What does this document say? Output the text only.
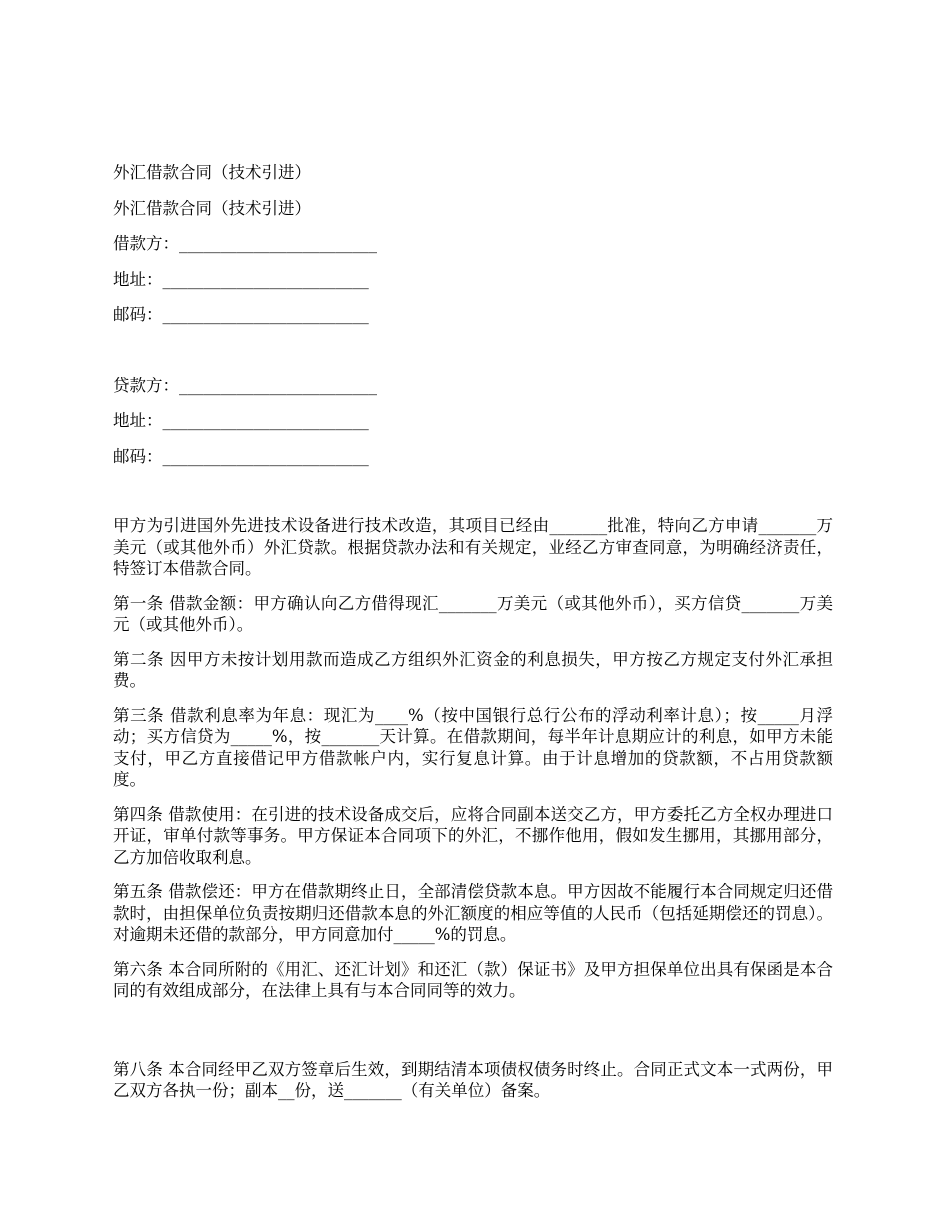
外汇借款合同（技术引进）
外汇借款合同（技术引进）
借款方：________________________
地址：_________________________
邮码：_________________________
贷款方：________________________
地址：_________________________
邮码：_________________________

甲方为引进国外先进技术设备进行技术改造，其项目已经由_______批准，特向乙方申请_______万美元（或其他外币）外汇贷款。根据贷款办法和有关规定，业经乙方审查同意，为明确经济责任，特签订本借款合同。

第一条 借款金额：甲方确认向乙方借得现汇_______万美元（或其他外币），买方信贷_______万美元（或其他外币）。

第二条 因甲方未按计划用款而造成乙方组织外汇资金的利息损失，甲方按乙方规定支付外汇承担费。

第三条 借款利息率为年息：现汇为____%（按中国银行总行公布的浮动利率计息）；按_____月浮动；买方信贷为_____%，按_______天计算。在借款期间，每半年计息期应计的利息，如甲方未能支付，甲乙方直接借记甲方借款帐户内，实行复息计算。由于计息增加的贷款额，不占用贷款额度。

第四条 借款使用：在引进的技术设备成交后，应将合同副本送交乙方，甲方委托乙方全权办理进口开证，审单付款等事务。甲方保证本合同项下的外汇，不挪作他用，假如发生挪用，其挪用部分，乙方加倍收取利息。

第五条 借款偿还：甲方在借款期终止日，全部清偿贷款本息。甲方因故不能履行本合同规定归还借款时，由担保单位负责按期归还借款本息的外汇额度的相应等值的人民币（包括延期偿还的罚息）。对逾期未还借的款部分，甲方同意加付_____%的罚息。

第六条 本合同所附的《用汇、还汇计划》和还汇（款）保证书》及甲方担保单位出具有保函是本合同的有效组成部分，在法律上具有与本合同同等的效力。

第八条 本合同经甲乙双方签章后生效，到期结清本项债权债务时终止。合同正式文本一式两份，甲乙双方各执一份；副本__份，送_______（有关单位）备案。
